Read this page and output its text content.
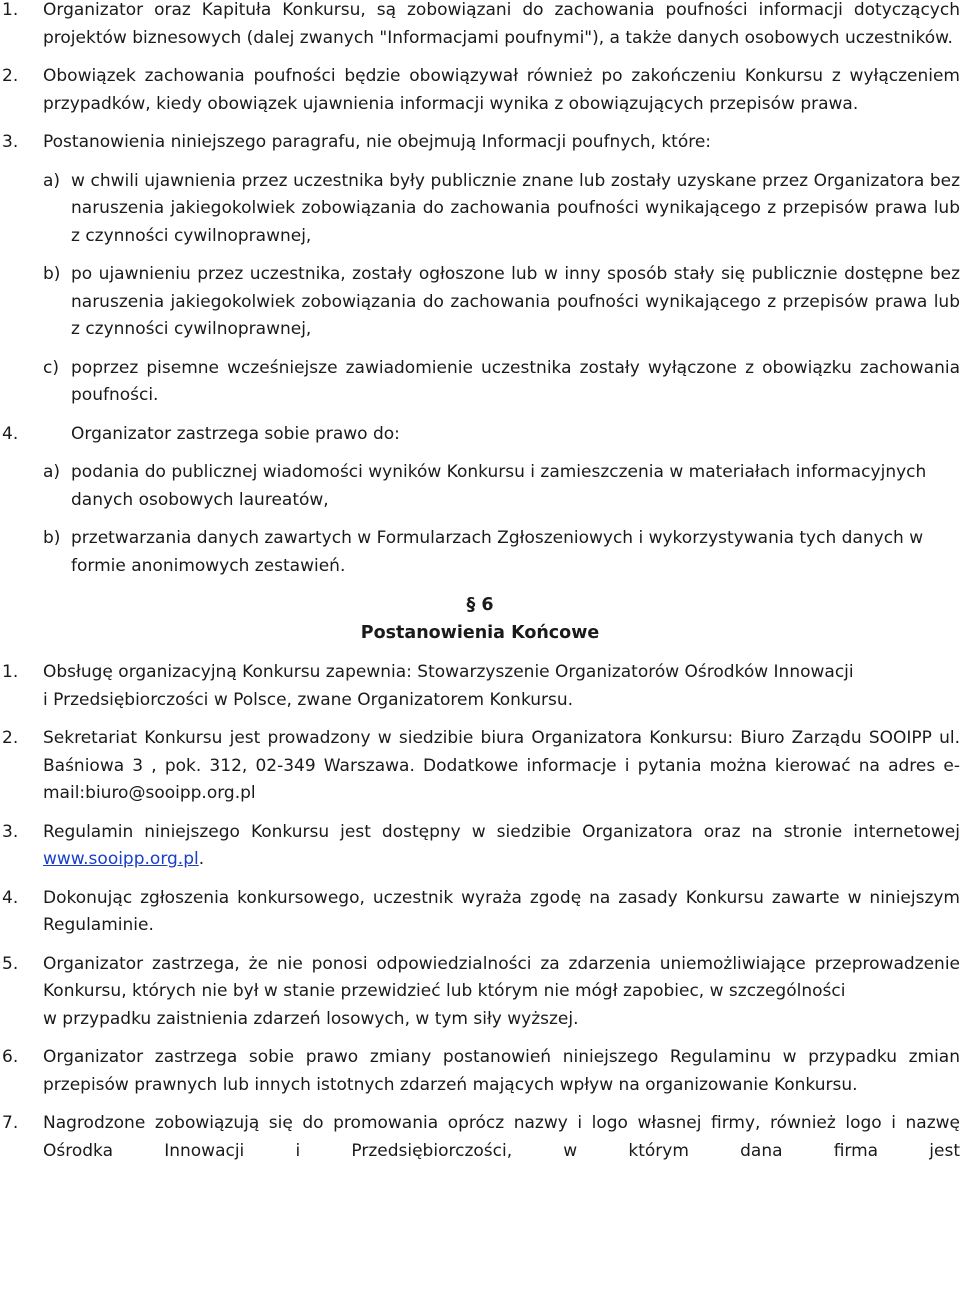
1.	Organizator oraz Kapituła Konkursu, są zobowiązani do zachowania poufności informacji dotyczących projektów biznesowych (dalej zwanych "Informacjami poufnymi"), a także danych osobowych uczestników.
2.	Obowiązek zachowania poufności będzie obowiązywał również po zakończeniu Konkursu z wyłączeniem przypadków, kiedy obowiązek ujawnienia informacji wynika z obowiązujących przepisów prawa.
3.	Postanowienia niniejszego paragrafu, nie obejmują Informacji poufnych, które:
a) w chwili ujawnienia przez uczestnika były publicznie znane lub zostały uzyskane przez Organizatora bez naruszenia jakiegokolwiek zobowiązania do zachowania poufności wynikającego z przepisów prawa lub z czynności cywilnoprawnej,
b) po ujawnieniu przez uczestnika, zostały ogłoszone lub w inny sposób stały się publicznie dostępne bez naruszenia jakiegokolwiek zobowiązania do zachowania poufności wynikającego z przepisów prawa lub z czynności cywilnoprawnej,
c) poprzez pisemne wcześniejsze zawiadomienie uczestnika zostały wyłączone z obowiązku zachowania poufności.
4.	Organizator zastrzega sobie prawo do:
a) podania do publicznej wiadomości wyników Konkursu i zamieszczenia w materiałach informacyjnych danych osobowych laureatów,
b) przetwarzania danych zawartych w Formularzach Zgłoszeniowych i wykorzystywania tych danych w formie anonimowych zestawień.
§ 6
Postanowienia Końcowe
1.	Obsługę organizacyjną Konkursu zapewnia: Stowarzyszenie Organizatorów Ośrodków Innowacji
i Przedsiębiorczości w Polsce, zwane Organizatorem Konkursu.
2.	Sekretariat Konkursu jest prowadzony w siedzibie biura Organizatora Konkursu: Biuro Zarządu SOOIPP ul. Baśniowa 3 , pok. 312, 02-349 Warszawa. Dodatkowe informacje i pytania można kierować na adres e-mail:biuro@sooipp.org.pl
3.	Regulamin niniejszego Konkursu jest dostępny w siedzibie Organizatora oraz na stronie internetowej www.sooipp.org.pl.
4.	Dokonując zgłoszenia konkursowego, uczestnik wyraża zgodę na zasady Konkursu zawarte w niniejszym Regulaminie.
5.	Organizator zastrzega, że nie ponosi odpowiedzialności za zdarzenia uniemożliwiające przeprowadzenie Konkursu, których nie był w stanie przewidzieć lub którym nie mógł zapobiec, w szczególności
w przypadku zaistnienia zdarzeń losowych, w tym siły wyższej.
6.	Organizator zastrzega sobie prawo zmiany postanowień niniejszego Regulaminu w przypadku zmian przepisów prawnych lub innych istotnych zdarzeń mających wpływ na organizowanie Konkursu.
7.	Nagrodzone zobowiązują się do promowania oprócz nazwy i logo własnej firmy, również logo i nazwę Ośrodka Innowacji i Przedsiębiorczości, w którym dana firma jest
